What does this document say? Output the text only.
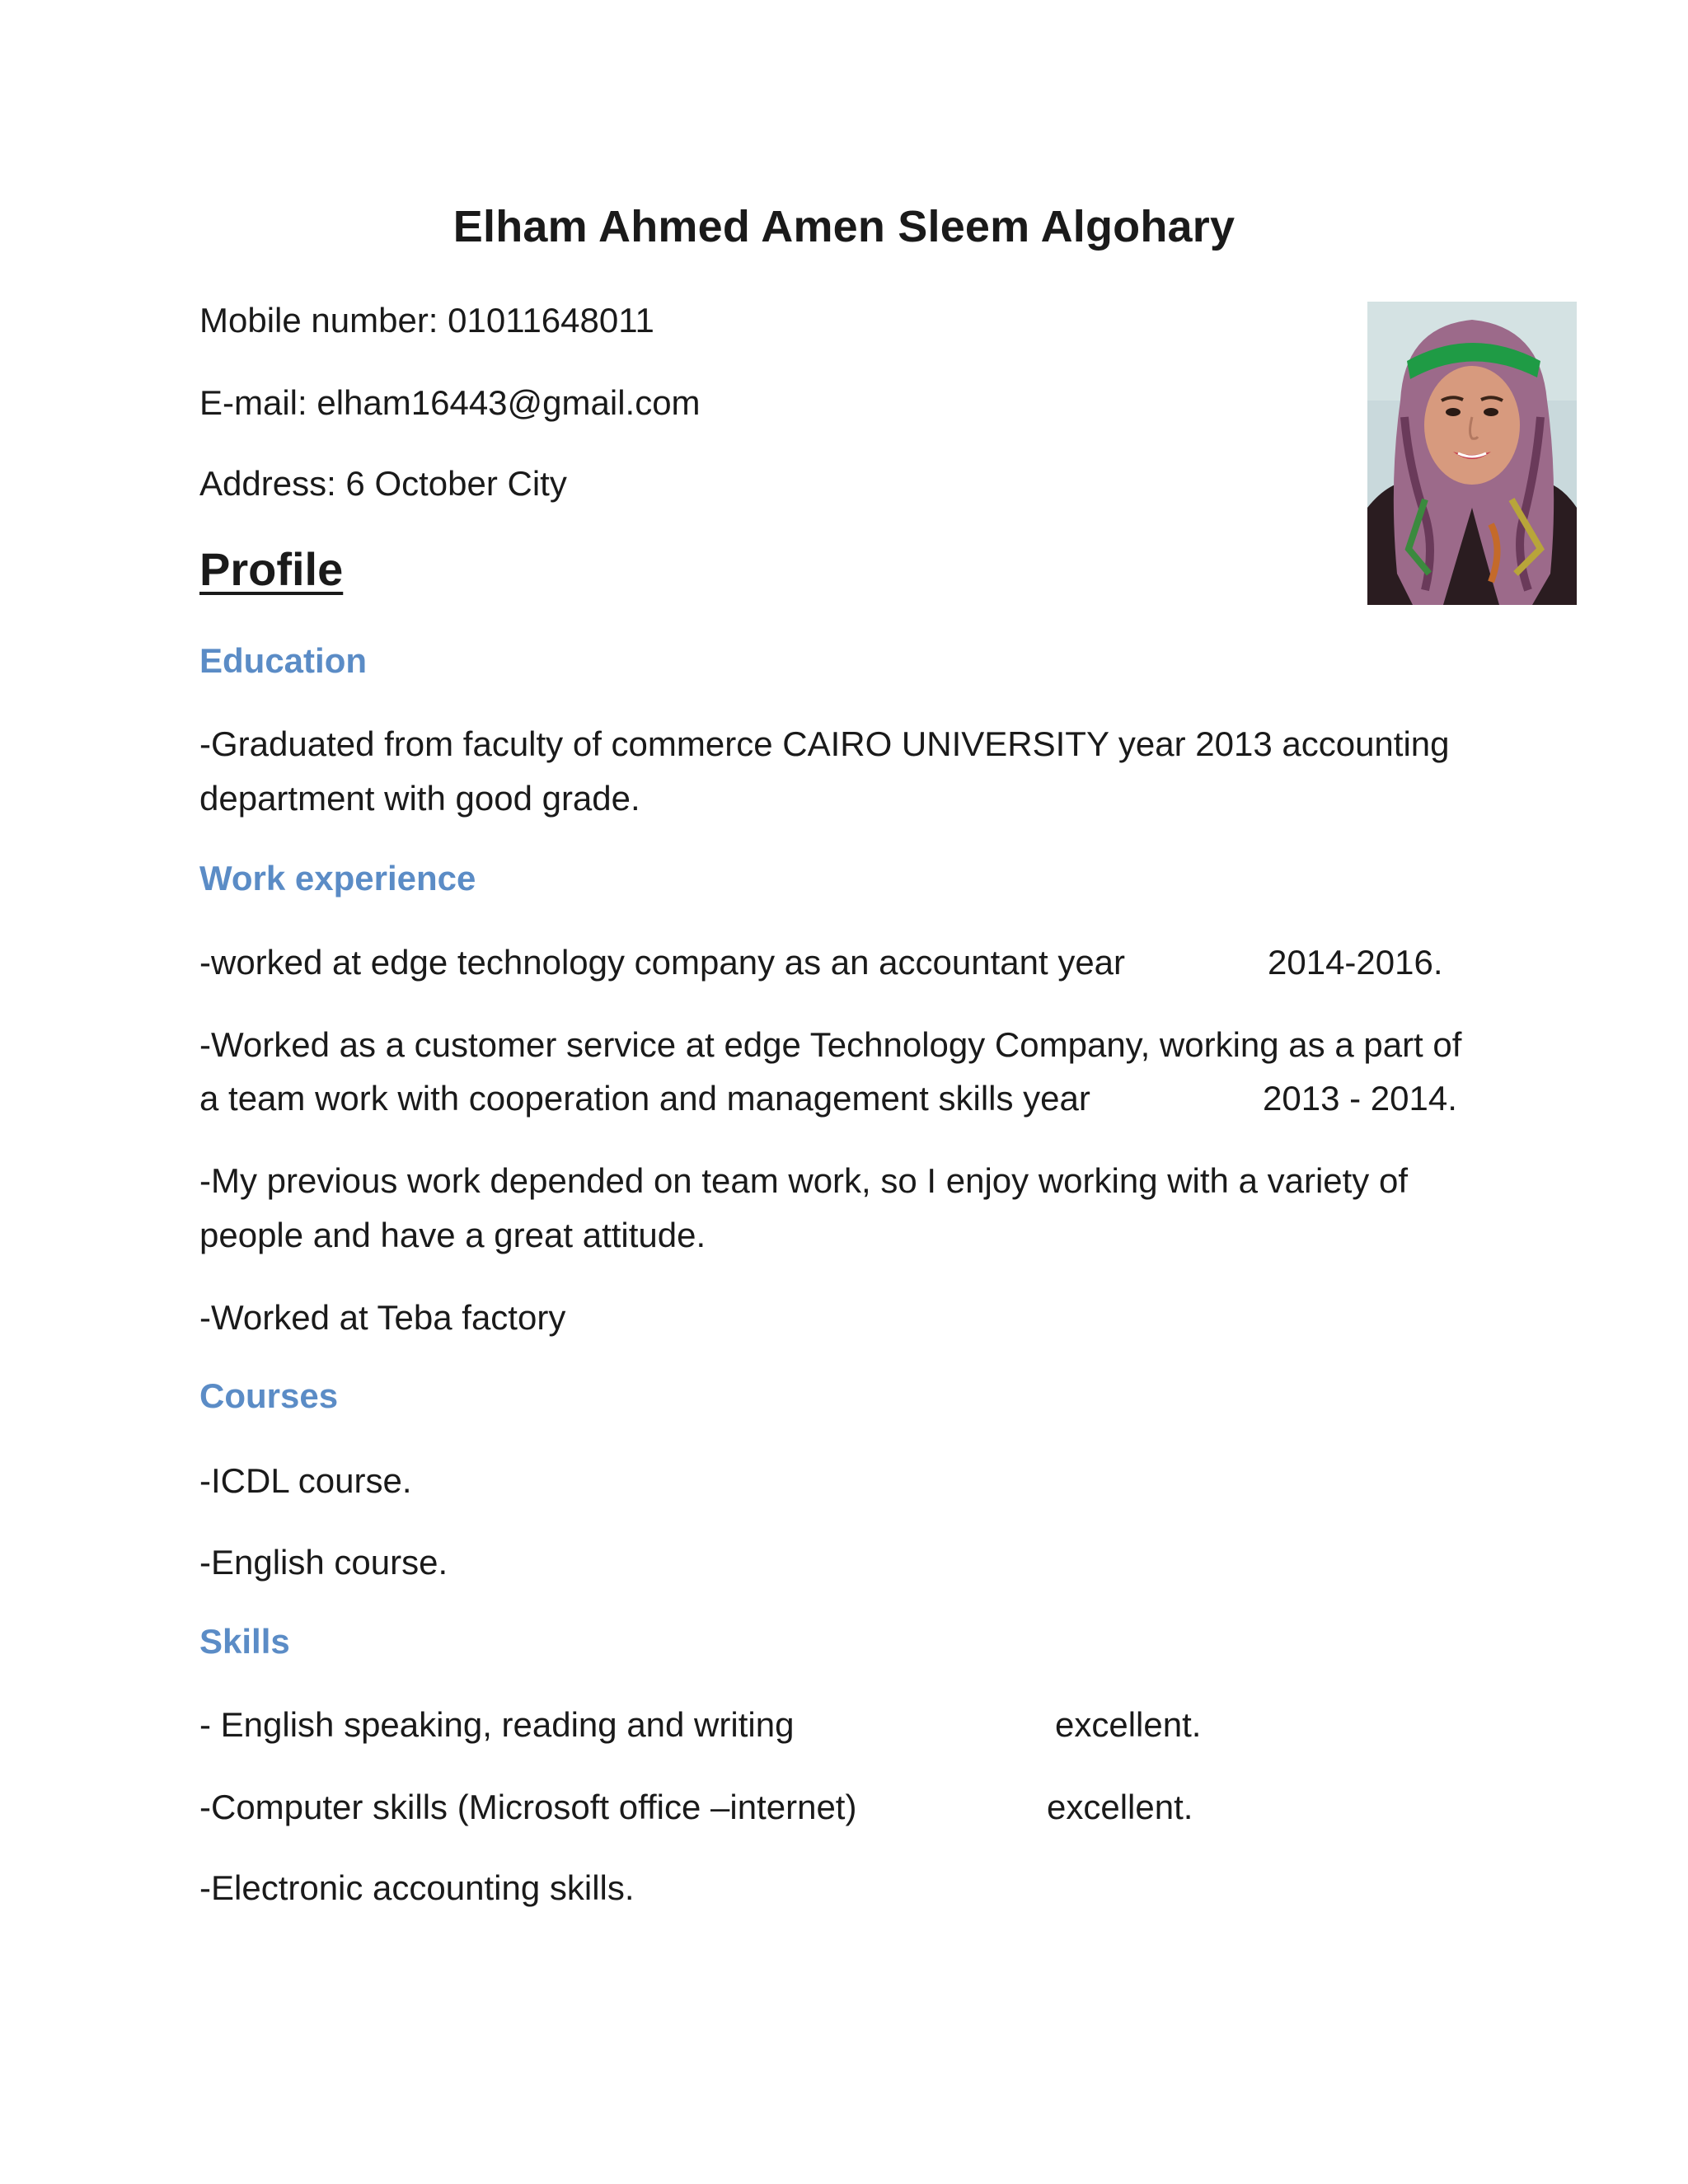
Elham Ahmed Amen Sleem Algohary
Mobile number: 01011648011
E-mail: elham16443@gmail.com
Address: 6 October City
Profile
Education
-Graduated from faculty of commerce CAIRO UNIVERSITY year 2013 accounting department with good grade.
Work experience
-worked at edge technology company as an accountant year	2014-2016.
-Worked as a customer service at edge Technology Company, working as a part of
a team work with cooperation and management skills year	2013 - 2014.
-My previous work depended on team work, so I enjoy working with a variety of people and have a great attitude.
-Worked at Teba factory
Courses
-ICDL course.
-English course.
Skills
- English speaking, reading and writing	excellent.
-Computer skills (Microsoft office –internet)	excellent.
-Electronic accounting skills.
